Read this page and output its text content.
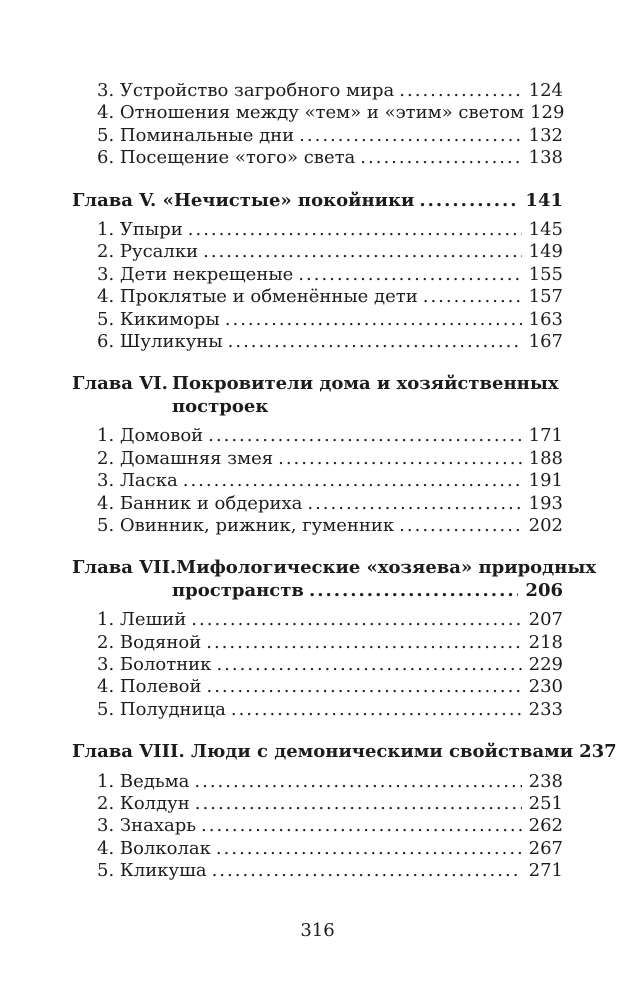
3. Устройство загробного мира .....	124
4. Отношения между «тем» и «этим» светом 129
5. Поминальные дни .....	132
6. Посещение «того» света .....	138
Глава V. «Нечистые» покойники .....	141
1. Упыри .....	145
2. Русалки .....	149
3. Дети некрещеные .....	155
4. Проклятые и обменённые дети .....	157
5. Кикиморы .....	163
6. Шуликуны .....	167
Глава VI. Покровители дома и хозяйственных
построек
1. Домовой .....	171
2. Домашняя змея .....	188
3. Ласка .....	191
4. Банник и обдериха .....	193
5. Овинник, рижник, гуменник .....	202
Глава VII. Мифологические «хозяева» природных
пространств .....	206
1. Леший .....	207
2. Водяной .....	218
3. Болотник .....	229
4. Полевой .....	230
5. Полудница .....	233
Глава VIII. Люди с демоническими свойствами 237
1. Ведьма .....	238
2. Колдун .....	251
3. Знахарь .....	262
4. Волколак .....	267
5. Кликуша .....	271
316
